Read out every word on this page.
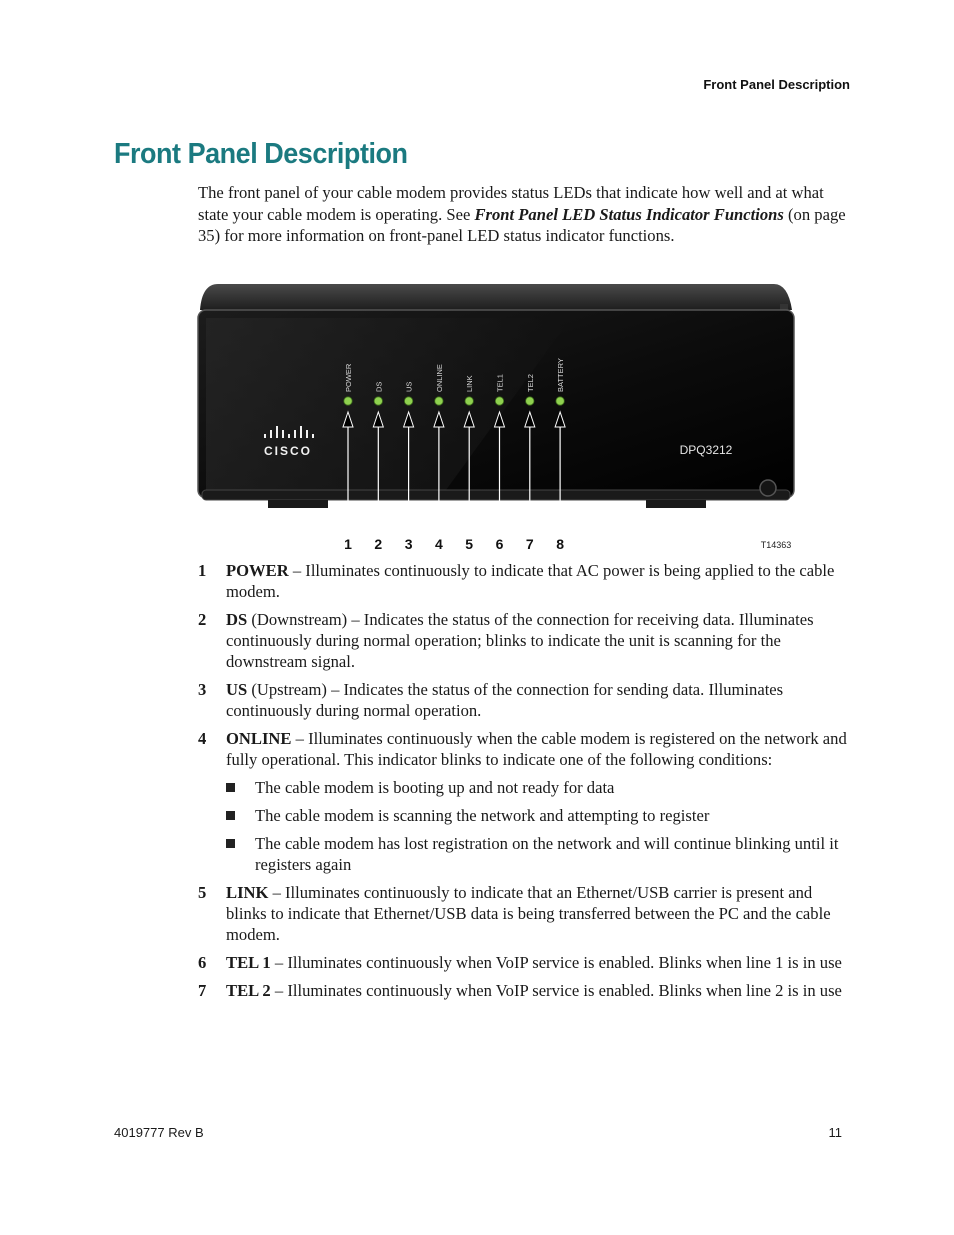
Front Panel Description
Front Panel Description

The front panel of your cable modem provides status LEDs that indicate how well and at what state your cable modem is operating. See Front Panel LED Status Indicator Functions (on page 35) for more information on front-panel LED status indicator functions.

CISCO	DPQ3212
POWER
1
DS
2
US
3
ONLINE
4
LINK
5
TEL1
6
TEL2
7
BATTERY
8	T14363
1	POWER – Illuminates continuously to indicate that AC power is being applied to the cable modem.
2	DS (Downstream) – Indicates the status of the connection for receiving data. Illuminates continuously during normal operation; blinks to indicate the unit is scanning for the downstream signal.
3	US (Upstream) – Indicates the status of the connection for sending data. Illuminates continuously during normal operation.
4	ONLINE – Illuminates continuously when the cable modem is registered on the network and fully operational. This indicator blinks to indicate one of the following conditions:
The cable modem is booting up and not ready for data
The cable modem is scanning the network and attempting to register
The cable modem has lost registration on the network and will continue blinking until it registers again
5	LINK – Illuminates continuously to indicate that an Ethernet/USB carrier is present and blinks to indicate that Ethernet/USB data is being transferred between the PC and the cable modem.
6	TEL 1 – Illuminates continuously when VoIP service is enabled. Blinks when line 1 is in use
7	TEL 2 – Illuminates continuously when VoIP service is enabled. Blinks when line 2 is in use
4019777 Rev B	11
